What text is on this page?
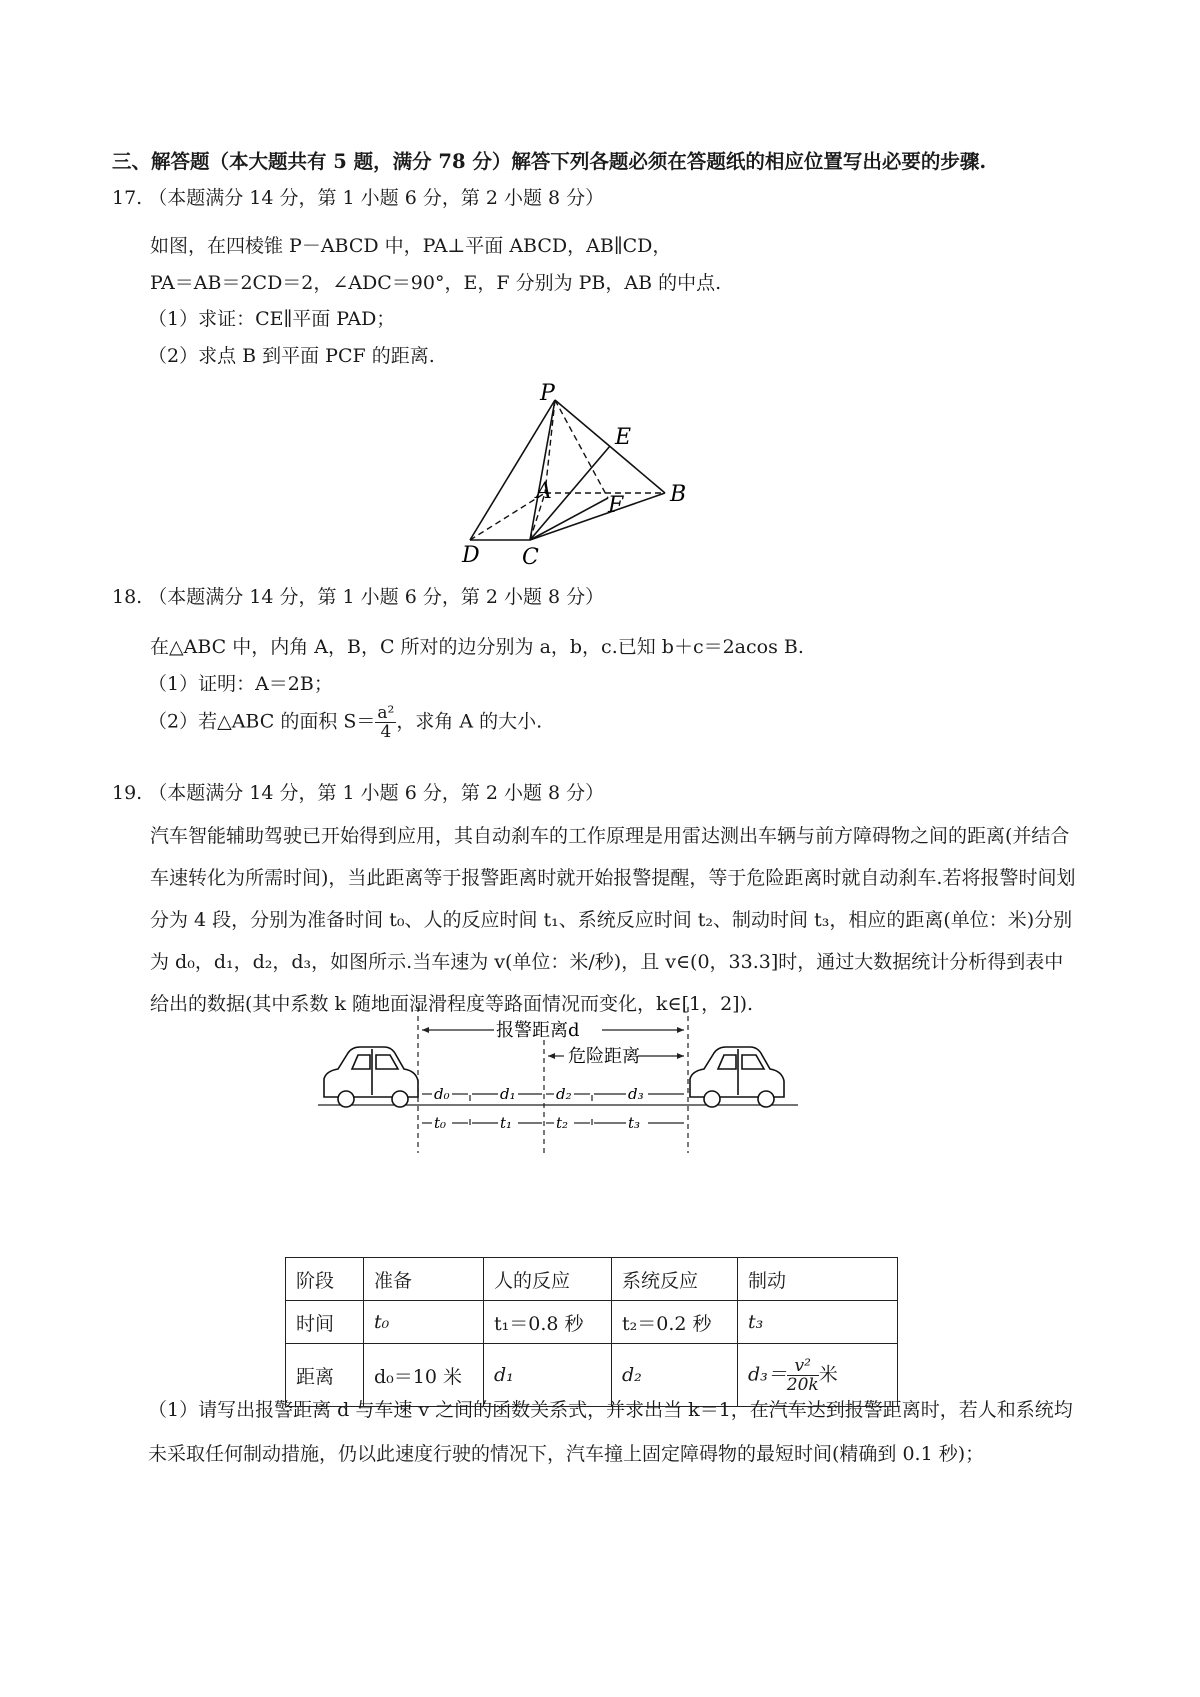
三、解答题（本大题共有 5 题，满分 78 分）解答下列各题必须在答题纸的相应位置写出必要的步骤.
17. （本题满分 14 分，第 1 小题 6 分，第 2 小题 8 分）
如图，在四棱锥 P－ABCD 中，PA⊥平面 ABCD，AB∥CD，
PA＝AB＝2CD＝2，∠ADC＝90°，E，F 分别为 PB，AB 的中点.
（1）求证：CE∥平面 PAD；
（2）求点 B 到平面 PCF 的距离.
P
E
A
F B
D C
18. （本题满分 14 分，第 1 小题 6 分，第 2 小题 8 分）
在△ABC 中，内角 A，B，C 所对的边分别为 a，b，c.已知 b＋c＝2acos B.
（1）证明：A＝2B；
（2）若△ABC 的面积 $S= \frac{\text{a²}}{4}$ ，求角 A 的大小.
19. （本题满分 14 分，第 1 小题 6 分，第 2 小题 8 分）
汽车智能辅助驾驶已开始得到应用，其自动刹车的工作原理是用雷达测出车辆与前方障碍物之间的距离(并结合车速转化为所需时间)，当此距离等于报警距离时就开始报警提醒，等于危险距离时就自动刹车.若将报警时间划分为 4 段，分别为准备时间 t₀、人的反应时间 t₁、系统反应时间 t₂、制动时间 t₃，相应的距离(单位：米)分别为 d₀，d₁，d₂，d₃，如图所示.当车速为 v(单位：米/秒)，且 v∈(0，33.3]时，通过大数据统计分析得到表中给出的数据(其中系数 k 随地面湿滑程度等路面情况而变化，k∈[1，2]).
报警距离d
危险距离
d₀	d₁	d₂	d₃
t₀	t₁	t₂	t₃
阶段	准备	人的反应	系统反应	制动
时间	t₀	t₁＝0.8 秒	t₂＝0.2 秒	t₃
距离	d₀＝10 米	d₁	d₂	$d_3= \frac{\text{v²}}{20k}$ 米
（1）请写出报警距离 d 与车速 v 之间的函数关系式，并求出当 k＝1，在汽车达到报警距离时，若人和系统均未采取任何制动措施，仍以此速度行驶的情况下，汽车撞上固定障碍物的最短时间(精确到 0.1 秒)；
